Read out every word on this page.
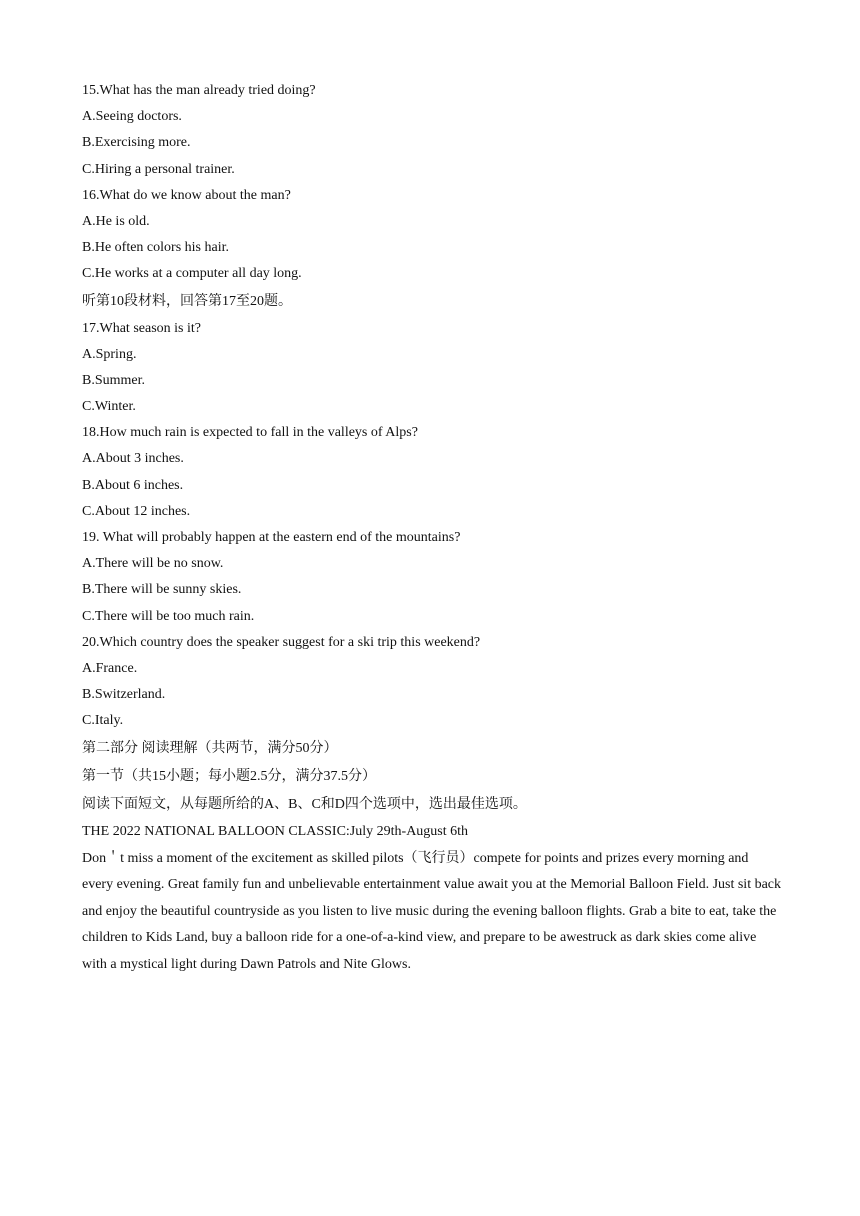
15.What has the man already tried doing?
A.Seeing doctors.
B.Exercising more.
C.Hiring a personal trainer.
16.What do we know about the man?
A.He is old.
B.He often colors his hair.
C.He works at a computer all day long.
听第10段材料，回答第17至20题。
17.What season is it?
A.Spring.
B.Summer.
C.Winter.
18.How much rain is expected to fall in the valleys of Alps?
A.About 3 inches.
B.About 6 inches.
C.About 12 inches.
19. What will probably happen at the eastern end of the mountains?
A.There will be no snow.
B.There will be sunny skies.
C.There will be too much rain.
20.Which country does the speaker suggest for a ski trip this weekend?
A.France.
B.Switzerland.
C.Italy.
第二部分 阅读理解（共两节，满分50分）
第一节（共15小题；每小题2.5分，满分37.5分）
阅读下面短文，从每题所给的A、B、C和D四个选项中，选出最佳选项。
THE 2022 NATIONAL BALLOON CLASSIC:July 29th-August 6th
Don＇t miss a moment of the excitement as skilled pilots（飞行员）compete for points and prizes every morning and every evening. Great family fun and unbelievable entertainment value await you at the Memorial Balloon Field. Just sit back and enjoy the beautiful countryside as you listen to live music during the evening balloon flights. Grab a bite to eat, take the children to Kids Land, buy a balloon ride for a one-of-a-kind view, and prepare to be awestruck as dark skies come alive with a mystical light during Dawn Patrols and Nite Glows.
